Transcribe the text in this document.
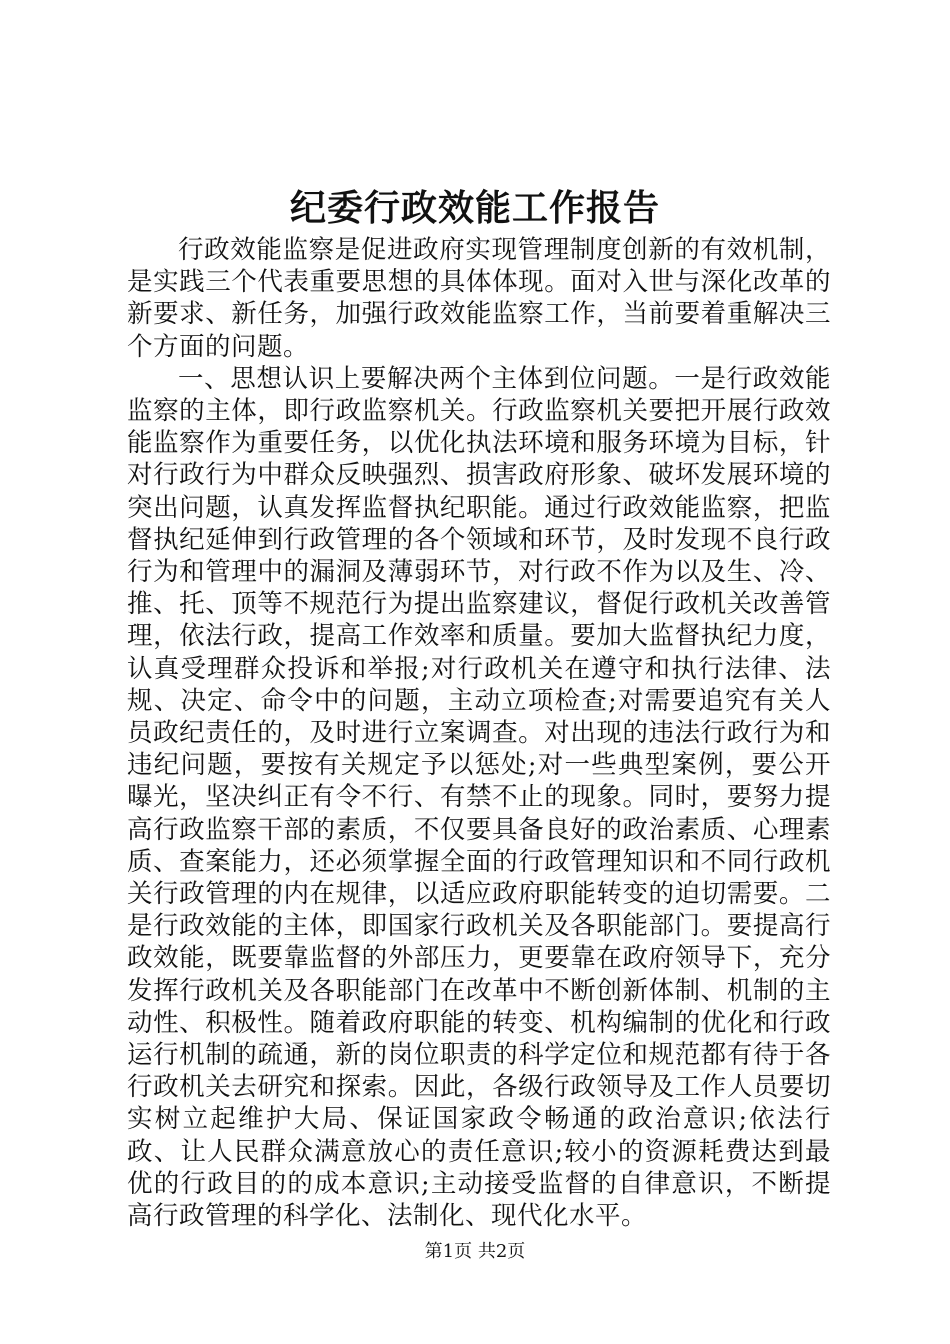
纪委行政效能工作报告

行政效能监察是促进政府实现管理制度创新的有效机制，是实践三个代表重要思想的具体体现。面对入世与深化改革的新要求、新任务，加强行政效能监察工作，当前要着重解决三个方面的问题。

一、思想认识上要解决两个主体到位问题。一是行政效能监察的主体，即行政监察机关。行政监察机关要把开展行政效能监察作为重要任务，以优化执法环境和服务环境为目标，针对行政行为中群众反映强烈、损害政府形象、破坏发展环境的突出问题，认真发挥监督执纪职能。通过行政效能监察，把监督执纪延伸到行政管理的各个领域和环节，及时发现不良行政行为和管理中的漏洞及薄弱环节，对行政不作为以及生、冷、推、托、顶等不规范行为提出监察建议，督促行政机关改善管理，依法行政，提高工作效率和质量。要加大监督执纪力度，认真受理群众投诉和举报;对行政机关在遵守和执行法律、法规、决定、命令中的问题，主动立项检查;对需要追究有关人员政纪责任的，及时进行立案调查。对出现的违法行政行为和违纪问题，要按有关规定予以惩处;对一些典型案例，要公开曝光，坚决纠正有令不行、有禁不止的现象。同时，要努力提高行政监察干部的素质，不仅要具备良好的政治素质、心理素质、查案能力，还必须掌握全面的行政管理知识和不同行政机关行政管理的内在规律，以适应政府职能转变的迫切需要。二是行政效能的主体，即国家行政机关及各职能部门。要提高行政效能，既要靠监督的外部压力，更要靠在政府领导下，充分发挥行政机关及各职能部门在改革中不断创新体制、机制的主动性、积极性。随着政府职能的转变、机构编制的优化和行政运行机制的疏通，新的岗位职责的科学定位和规范都有待于各行政机关去研究和探索。因此，各级行政领导及工作人员要切实树立起维护大局、保证国家政令畅通的政治意识;依法行政、让人民群众满意放心的责任意识;较小的资源耗费达到最优的行政目的的成本意识;主动接受监督的自律意识，不断提高行政管理的科学化、法制化、现代化水平。

第1页 共2页
